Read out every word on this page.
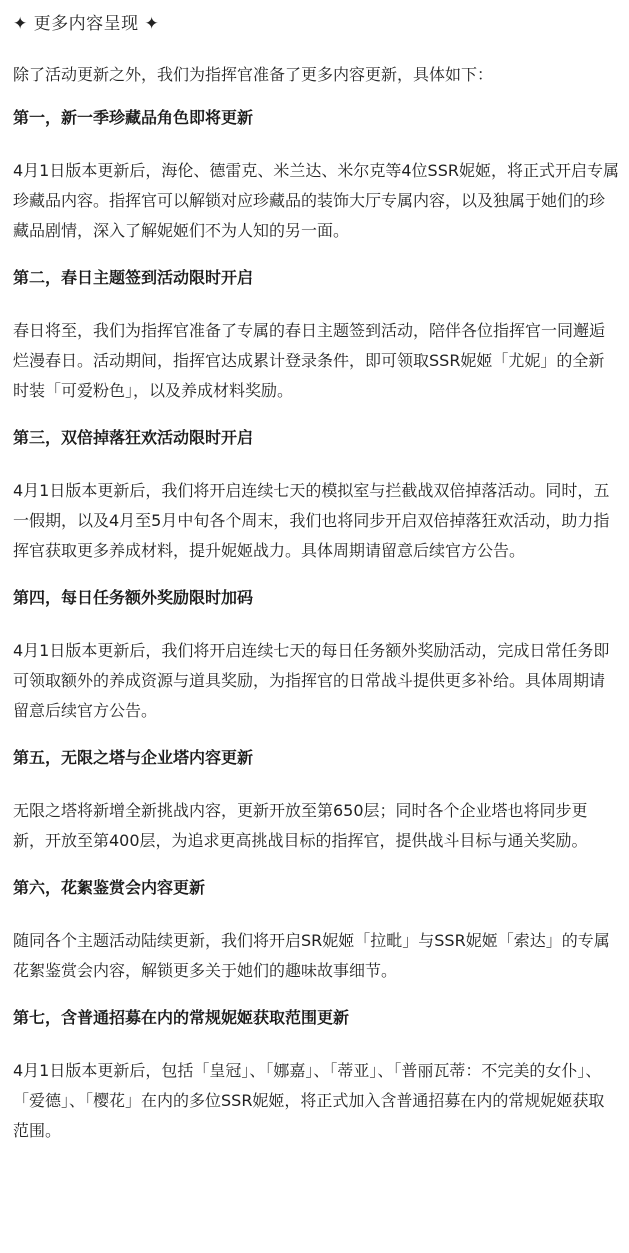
✦ 更多内容呈现 ✦

除了活动更新之外，我们为指挥官准备了更多内容更新，具体如下：

第一，新一季珍藏品角色即将更新

4月1日版本更新后，海伦、德雷克、米兰达、米尔克等4位SSR妮姬，将正式开启专属珍藏品内容。指挥官可以解锁对应珍藏品的装饰大厅专属内容，以及独属于她们的珍藏品剧情，深入了解妮姬们不为人知的另一面。

第二，春日主题签到活动限时开启

春日将至，我们为指挥官准备了专属的春日主题签到活动，陪伴各位指挥官一同邂逅烂漫春日。活动期间，指挥官达成累计登录条件，即可领取SSR妮姬「尤妮」的全新时装「可爱粉色」，以及养成材料奖励。

第三，双倍掉落狂欢活动限时开启

4月1日版本更新后，我们将开启连续七天的模拟室与拦截战双倍掉落活动。同时，五一假期，以及4月至5月中旬各个周末，我们也将同步开启双倍掉落狂欢活动，助力指挥官获取更多养成材料，提升妮姬战力。具体周期请留意后续官方公告。

第四，每日任务额外奖励限时加码

4月1日版本更新后，我们将开启连续七天的每日任务额外奖励活动，完成日常任务即可领取额外的养成资源与道具奖励，为指挥官的日常战斗提供更多补给。具体周期请留意后续官方公告。

第五，无限之塔与企业塔内容更新

无限之塔将新增全新挑战内容，更新开放至第650层；同时各个企业塔也将同步更新，开放至第400层，为追求更高挑战目标的指挥官，提供战斗目标与通关奖励。

第六，花絮鉴赏会内容更新

随同各个主题活动陆续更新，我们将开启SR妮姬「拉毗」与SSR妮姬「索达」的专属花絮鉴赏会内容，解锁更多关于她们的趣味故事细节。

第七，含普通招募在内的常规妮姬获取范围更新

4月1日版本更新后，包括「皇冠」、「娜嘉」、「蒂亚」、「普丽瓦蒂：不完美的女仆」、「爱德」、「樱花」在内的多位SSR妮姬，将正式加入含普通招募在内的常规妮姬获取范围。
